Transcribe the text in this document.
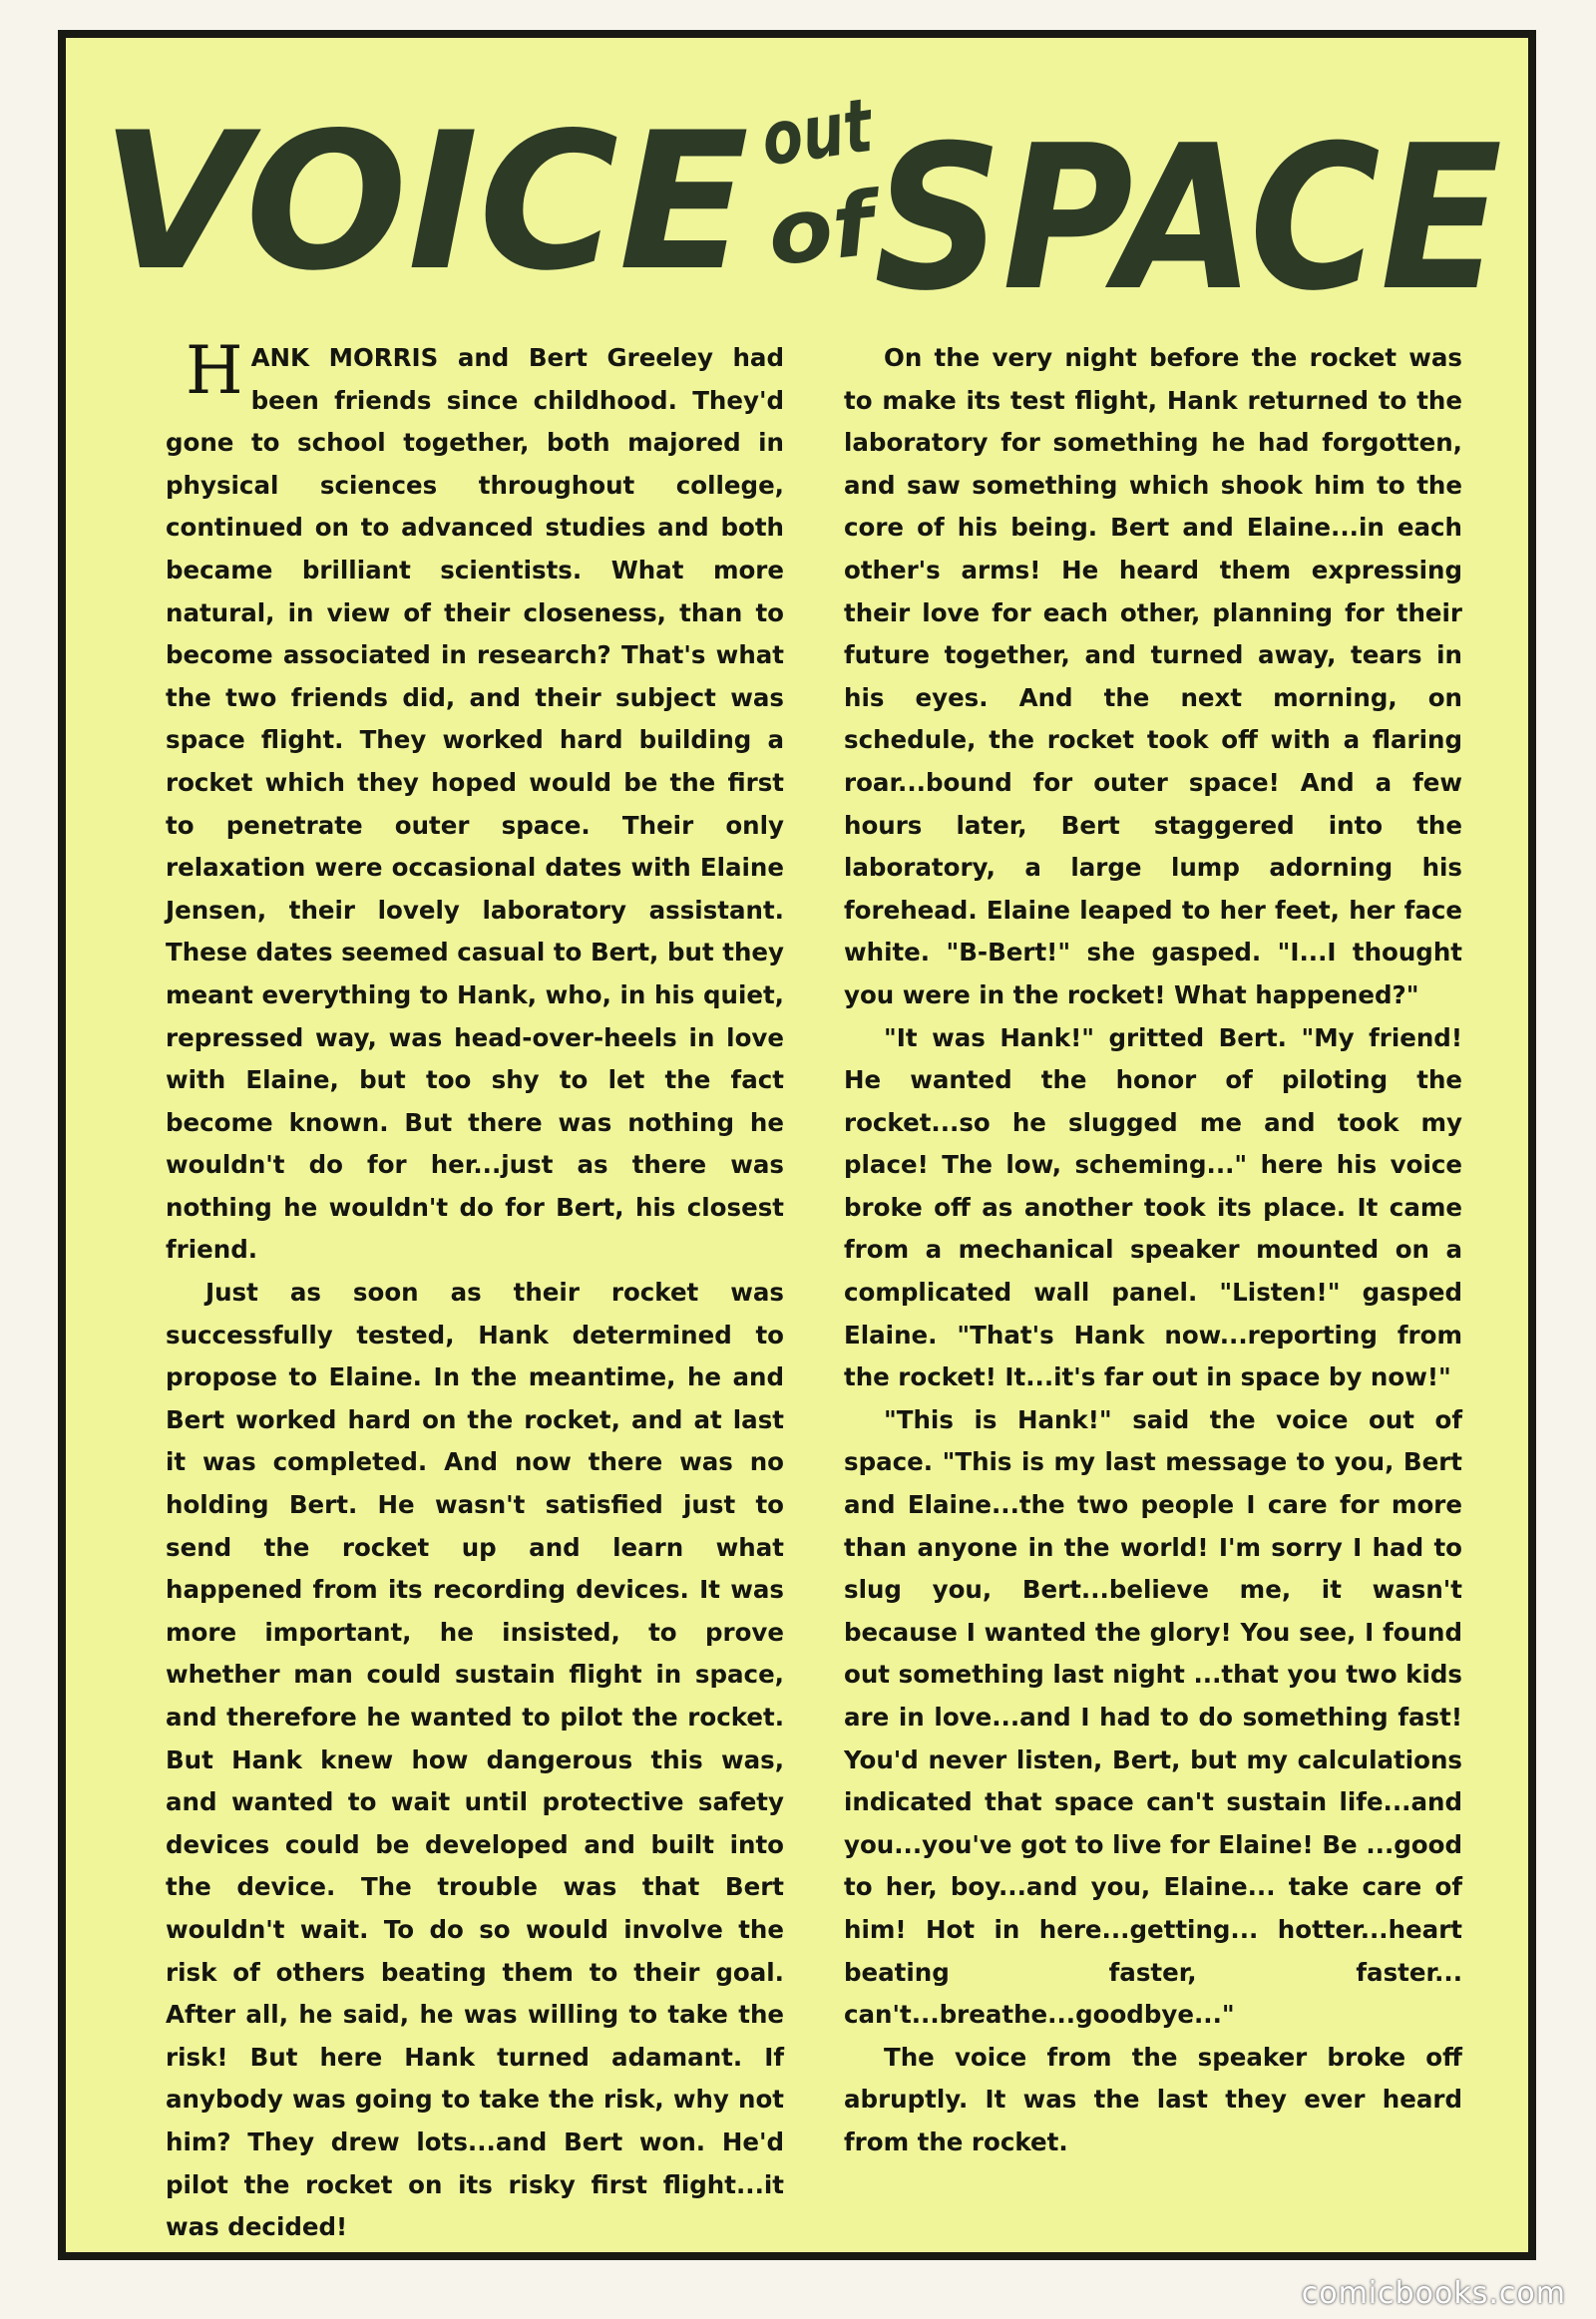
VOICE out
of SPACE

HANK MORRIS and Bert Greeley had been friends since childhood. They'd gone to school together, both majored in physical sciences throughout college, continued on to advanced studies and both became brilliant scientists. What more natural, in view of their closeness, than to become associated in research? That's what the two friends did, and their subject was space flight. They worked hard building a rocket which they hoped would be the first to penetrate outer space. Their only relaxation were occasional dates with Elaine Jensen, their lovely laboratory assistant. These dates seemed casual to Bert, but they meant everything to Hank, who, in his quiet, repressed way, was head-over-heels in love with Elaine, but too shy to let the fact become known. But there was nothing he wouldn't do for her...just as there was nothing he wouldn't do for Bert, his closest friend.

Just as soon as their rocket was successfully tested, Hank determined to propose to Elaine. In the meantime, he and Bert worked hard on the rocket, and at last it was completed. And now there was no holding Bert. He wasn't satisfied just to send the rocket up and learn what happened from its recording devices. It was more important, he insisted, to prove whether man could sustain flight in space, and therefore he wanted to pilot the rocket. But Hank knew how dangerous this was, and wanted to wait until protective safety devices could be developed and built into the device. The trouble was that Bert wouldn't wait. To do so would involve the risk of others beating them to their goal. After all, he said, he was willing to take the risk! But here Hank turned adamant. If anybody was going to take the risk, why not him? They drew lots...and Bert won. He'd pilot the rocket on its risky first flight...it was decided!

On the very night before the rocket was to make its test flight, Hank returned to the laboratory for something he had forgotten, and saw something which shook him to the core of his being. Bert and Elaine...in each other's arms! He heard them expressing their love for each other, planning for their future together, and turned away, tears in his eyes. And the next morning, on schedule, the rocket took off with a flaring roar...bound for outer space! And a few hours later, Bert staggered into the laboratory, a large lump adorning his forehead. Elaine leaped to her feet, her face white. "B-Bert!" she gasped. "I...I thought you were in the rocket! What happened?"

"It was Hank!" gritted Bert. "My friend! He wanted the honor of piloting the rocket...so he slugged me and took my place! The low, scheming..." here his voice broke off as another took its place. It came from a mechanical speaker mounted on a complicated wall panel. "Listen!" gasped Elaine. "That's Hank now...reporting from the rocket! It...it's far out in space by now!"

"This is Hank!" said the voice out of space. "This is my last message to you, Bert and Elaine...the two people I care for more than anyone in the world! I'm sorry I had to slug you, Bert...believe me, it wasn't because I wanted the glory! You see, I found out something last night ...that you two kids are in love...and I had to do something fast! You'd never listen, Bert, but my calculations indicated that space can't sustain life...and you...you've got to live for Elaine! Be ...good to her, boy...and you, Elaine... take care of him! Hot in here...getting... hotter...heart beating faster, faster... can't...breathe...goodbye..."

The voice from the speaker broke off abruptly. It was the last they ever heard from the rocket.

comicbooks.com
